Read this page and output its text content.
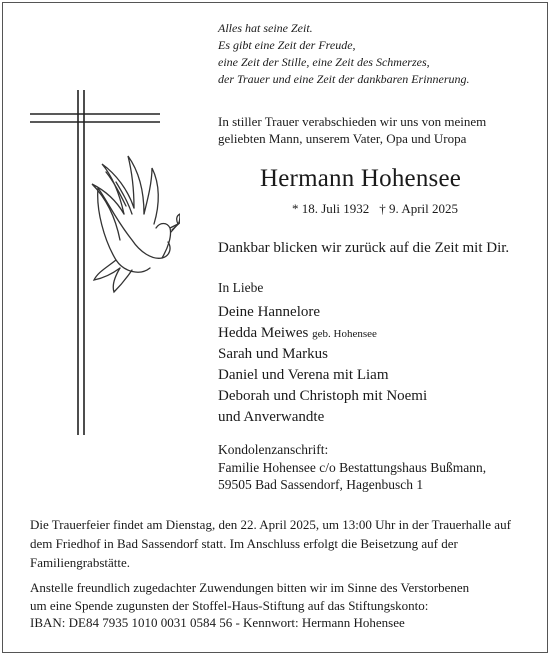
Alles hat seine Zeit.
Es gibt eine Zeit der Freude,
eine Zeit der Stille, eine Zeit des Schmerzes,
der Trauer und eine Zeit der dankbaren Erinnerung.
In stiller Trauer verabschieden wir uns von meinem
geliebten Mann, unserem Vater, Opa und Uropa
Hermann Hohensee
* 18. Juli 1932 † 9. April 2025
Dankbar blicken wir zurück auf die Zeit mit Dir.
In Liebe
Deine Hannelore
Hedda Meiwes geb. Hohensee
Sarah und Markus
Daniel und Verena mit Liam
Deborah und Christoph mit Noemi
und Anverwandte
Kondolenzanschrift:
Familie Hohensee c/o Bestattungshaus Bußmann,
59505 Bad Sassendorf, Hagenbusch 1
Die Trauerfeier findet am Dienstag, den 22. April 2025, um 13:00 Uhr in der Trauerhalle auf dem Friedhof in Bad Sassendorf statt. Im Anschluss erfolgt die Beisetzung auf der Familiengrabstätte.
Anstelle freundlich zugedachter Zuwendungen bitten wir im Sinne des Verstorbenen
um eine Spende zugunsten der Stoffel-Haus-Stiftung auf das Stiftungskonto:
IBAN: DE84 7935 1010 0031 0584 56 - Kennwort: Hermann Hohensee
